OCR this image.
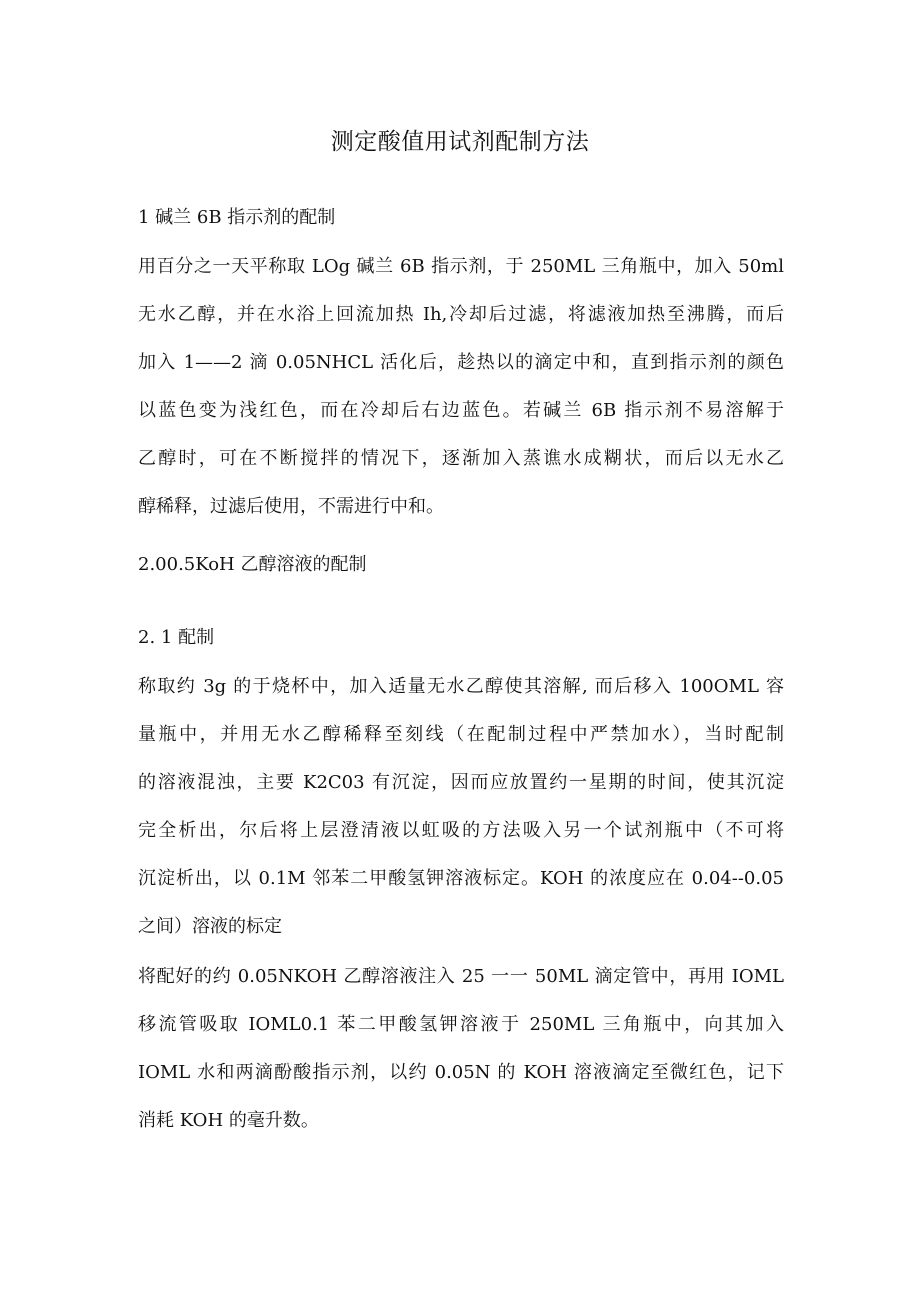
测定酸值用试剂配制方法
1 碱兰 6B 指示剂的配制
用百分之一天平称取 LOg 碱兰 6B 指示剂，于 250ML 三角瓶中，加入 50ml
无水乙醇，并在水浴上回流加热 Ih,冷却后过滤，将滤液加热至沸腾，而后
加入 1——2 滴 0.05NHCL 活化后，趁热以的滴定中和，直到指示剂的颜色
以蓝色变为浅红色，而在冷却后右边蓝色。若碱兰 6B 指示剂不易溶解于
乙醇时，可在不断搅拌的情况下，逐渐加入蒸谯水成糊状，而后以无水乙
醇稀释，过滤后使用，不需进行中和。
2.00.5KoH 乙醇溶液的配制
2. 1 配制
称取约 3g 的于烧杯中，加入适量无水乙醇使其溶解, 而后移入 100OML 容
量瓶中，并用无水乙醇稀释至刻线（在配制过程中严禁加水），当时配制
的溶液混浊，主要 K2C03 有沉淀，因而应放置约一星期的时间，使其沉淀
完全析出，尔后将上层澄清液以虹吸的方法吸入另一个试剂瓶中（不可将
沉淀析出，以 0.1M 邻苯二甲酸氢钾溶液标定。KOH 的浓度应在 0.04--0.05
之间）溶液的标定
将配好的约 0.05NKOH 乙醇溶液注入 25 一一 50ML 滴定管中，再用 IOML
移流管吸取 IOML0.1 苯二甲酸氢钾溶液于 250ML 三角瓶中，向其加入
IOML 水和两滴酚酸指示剂，以约 0.05N 的 KOH 溶液滴定至微红色，记下
消耗 KOH 的毫升数。
